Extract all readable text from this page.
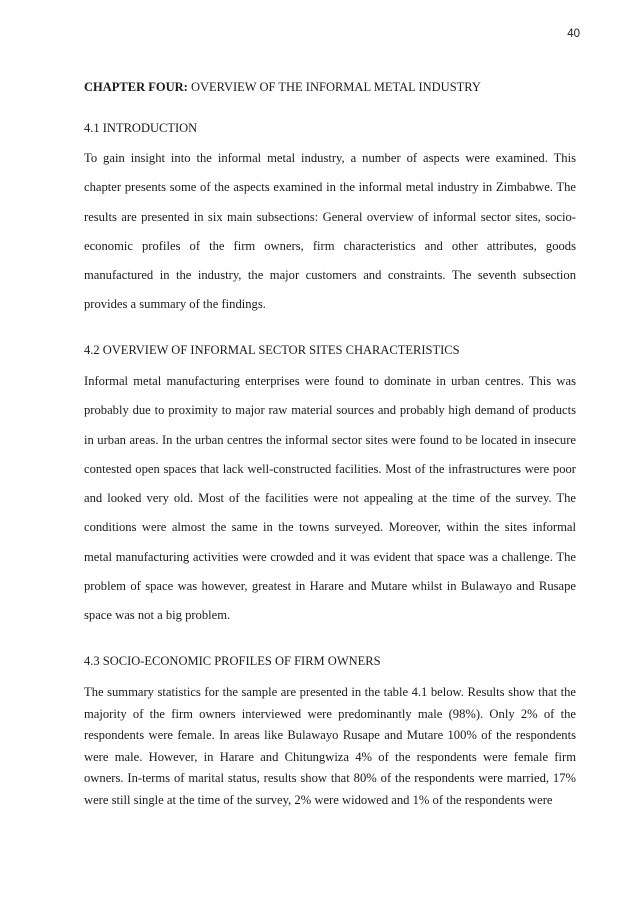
40
CHAPTER FOUR: OVERVIEW OF THE INFORMAL METAL INDUSTRY
4.1 INTRODUCTION

To gain insight into the informal metal industry, a number of aspects were examined. This chapter presents some of the aspects examined in the informal metal industry in Zimbabwe. The results are presented in six main subsections: General overview of informal sector sites, socio-economic profiles of the firm owners, firm characteristics and other attributes, goods manufactured in the industry, the major customers and constraints. The seventh subsection provides a summary of the findings.

4.2 OVERVIEW OF INFORMAL SECTOR SITES CHARACTERISTICS

Informal metal manufacturing enterprises were found to dominate in urban centres. This was probably due to proximity to major raw material sources and probably high demand of products in urban areas. In the urban centres the informal sector sites were found to be located in insecure contested open spaces that lack well-constructed facilities. Most of the infrastructures were poor and looked very old. Most of the facilities were not appealing at the time of the survey. The conditions were almost the same in the towns surveyed. Moreover, within the sites informal metal manufacturing activities were crowded and it was evident that space was a challenge. The problem of space was however, greatest in Harare and Mutare whilst in Bulawayo and Rusape space was not a big problem.

4.3 SOCIO-ECONOMIC PROFILES OF FIRM OWNERS

The summary statistics for the sample are presented in the table 4.1 below. Results show that the majority of the firm owners interviewed were predominantly male (98%). Only 2% of the respondents were female. In areas like Bulawayo Rusape and Mutare 100% of the respondents were male. However, in Harare and Chitungwiza 4% of the respondents were female firm owners. In-terms of marital status, results show that 80% of the respondents were married, 17% were still single at the time of the survey, 2% were widowed and 1% of the respondents were
